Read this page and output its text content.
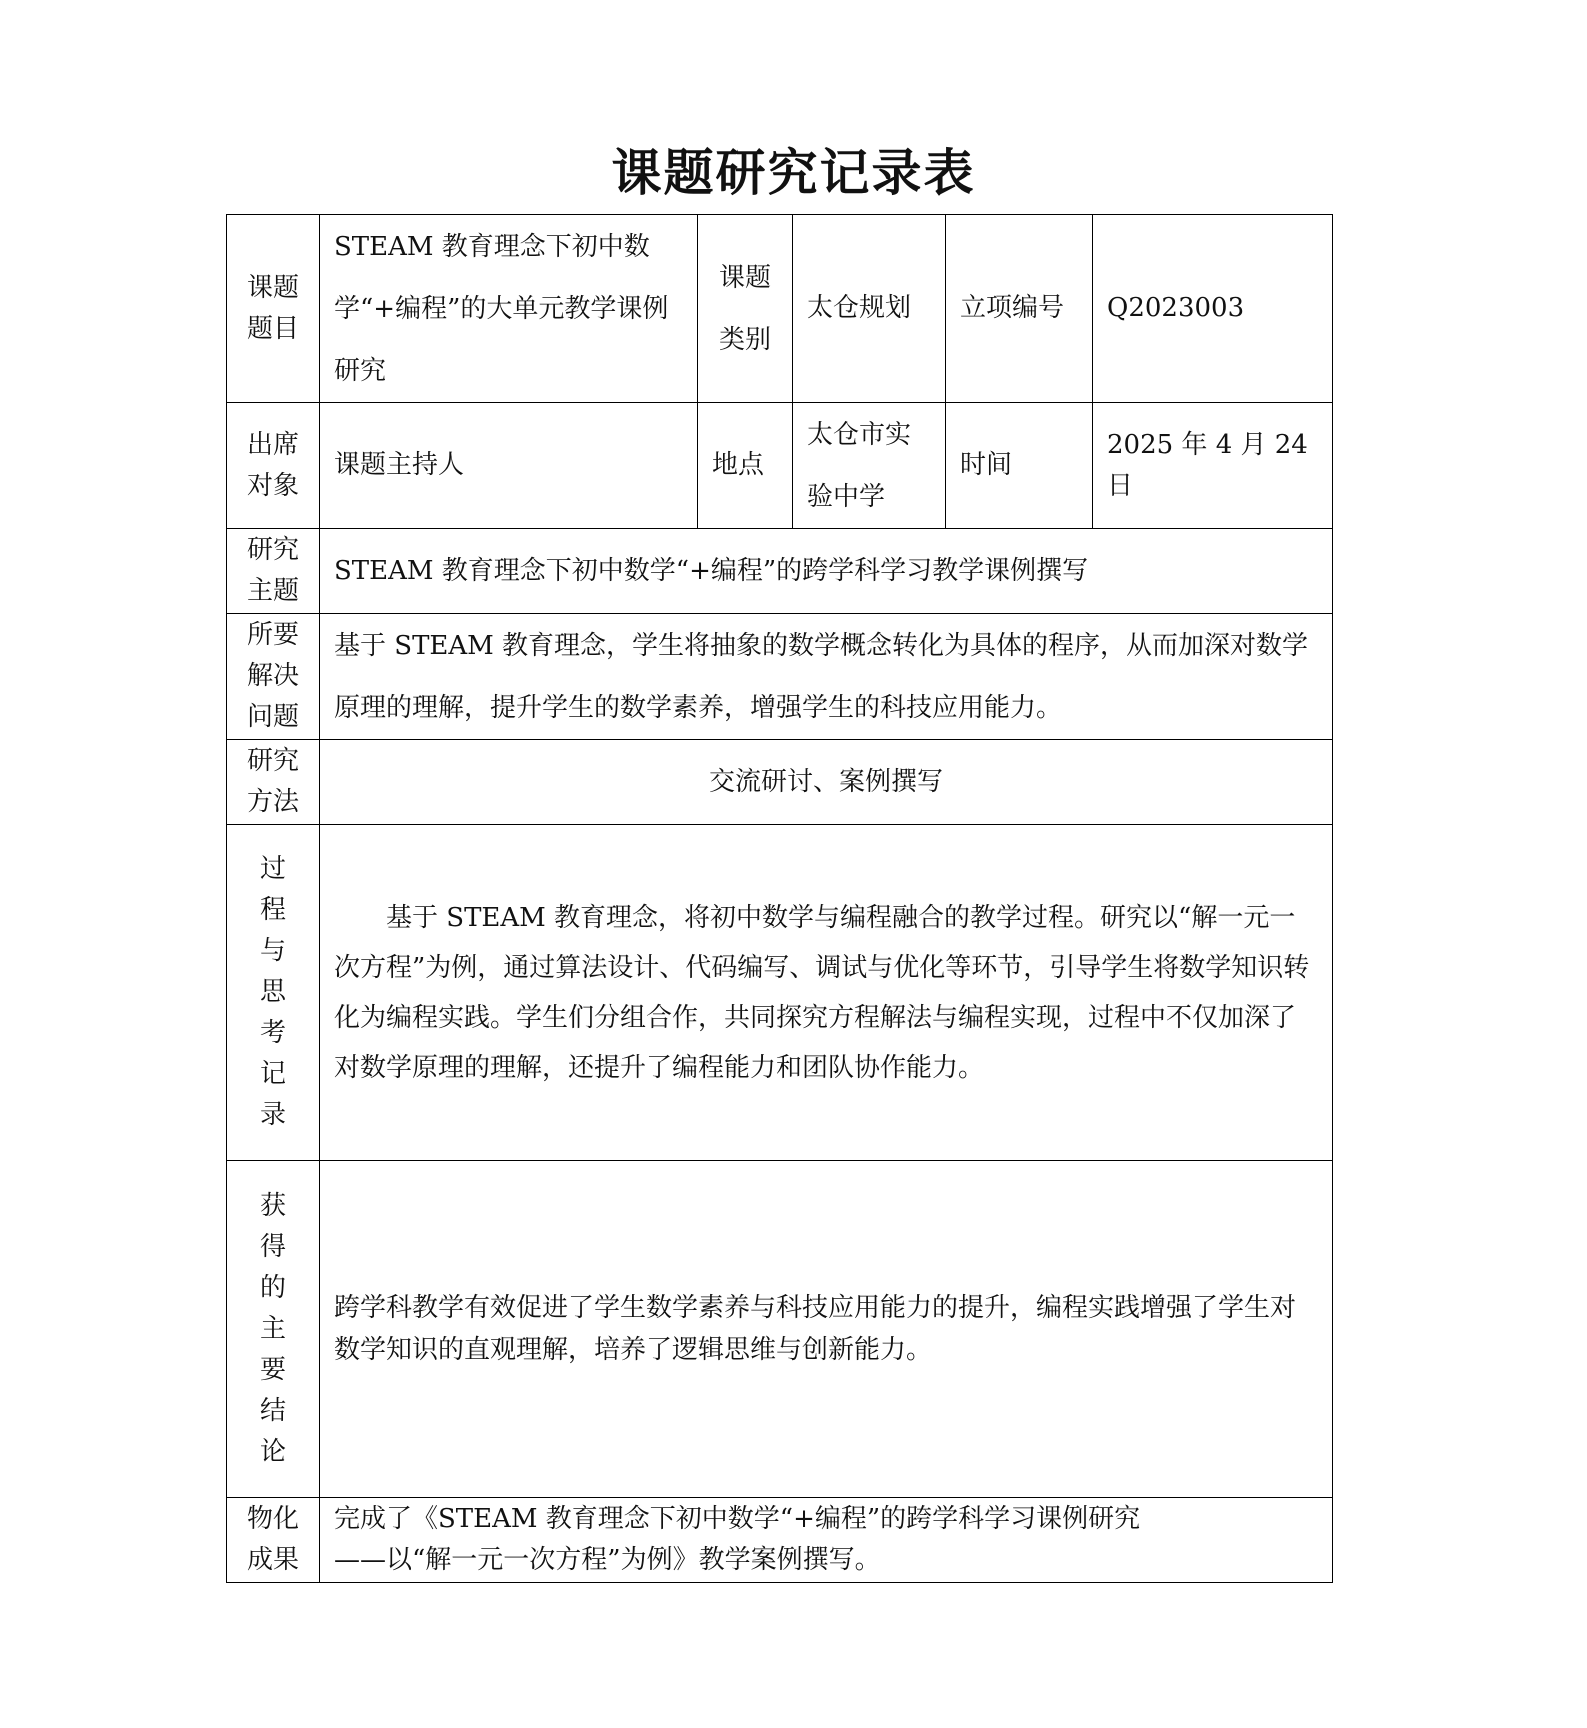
课题研究记录表
课题题目	STEAM 教育理念下初中数学“+编程”的大单元教学课例研究	课题类别	太仓规划	立项编号	Q2023003
出席对象	课题主持人	地点	太仓市实验中学	时间	2025 年 4 月 24 日
研究主题	STEAM 教育理念下初中数学“+编程”的跨学科学习教学课例撰写				
所要解决问题	基于 STEAM 教育理念，学生将抽象的数学概念转化为具体的程序，从而加深对数学原理的理解，提升学生的数学素养，增强学生的科技应用能力。				

研究方法	交流研讨、案例撰写				
过程与思考记录	基于 STEAM 教育理念，将初中数学与编程融合的教学过程。研究以“解一元一次方程”为例，通过算法设计、代码编写、调试与优化等环节，引导学生将数学知识转化为编程实践。学生们分组合作，共同探究方程解法与编程实现，过程中不仅加深了对数学原理的理解，还提升了编程能力和团队协作能力。				

获得的主要结论	跨学科教学有效促进了学生数学素养与科技应用能力的提升，编程实践增强了学生对数学知识的直观理解，培养了逻辑思维与创新能力。				

物化成果	完成了《STEAM 教育理念下初中数学“+编程”的跨学科学习课例研究
——以“解一元一次方程”为例》教学案例撰写。				
